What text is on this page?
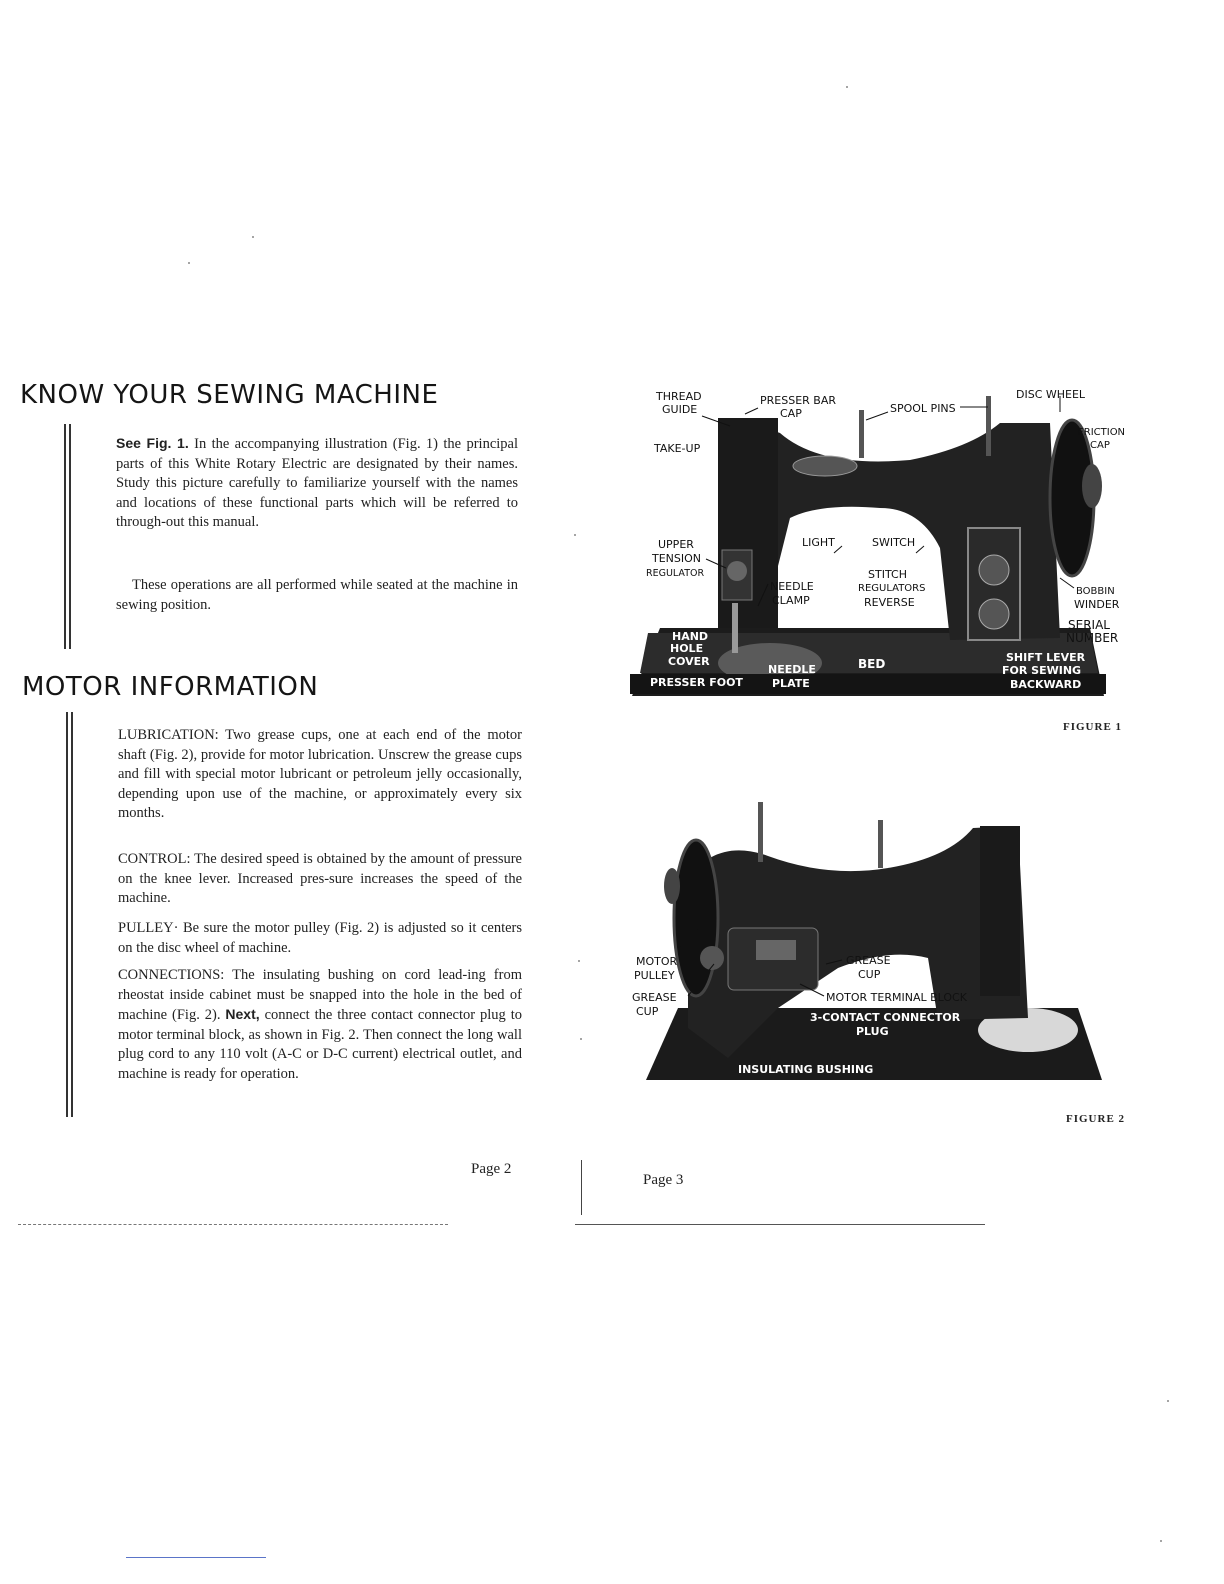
KNOW YOUR SEWING MACHINE
See Fig. 1. In the accompanying illustration (Fig. 1) the principal parts of this White Rotary Electric are designated by their names. Study this picture carefully to familiarize yourself with the names and locations of these functional parts which will be referred to through-out this manual.
These operations are all performed while seated at the machine in sewing position.
MOTOR INFORMATION
LUBRICATION: Two grease cups, one at each end of the motor shaft (Fig. 2), provide for motor lubrication. Unscrew the grease cups and fill with special motor lubricant or petroleum jelly occasionally, depending upon use of the machine, or approximately every six months.
CONTROL: The desired speed is obtained by the amount of pressure on the knee lever. Increased pres-sure increases the speed of the machine.
PULLEY· Be sure the motor pulley (Fig. 2) is adjusted so it centers on the disc wheel of machine.
CONNECTIONS: The insulating bushing on cord lead-ing from rheostat inside cabinet must be snapped into the hole in the bed of machine (Fig. 2). Next, connect the three contact connector plug to motor terminal block, as shown in Fig. 2. Then connect the long wall plug cord to any 110 volt (A-C or D-C current) electrical outlet, and machine is ready for operation.
Page 2
Page 3
THREAD
GUIDE
PRESSER BAR
CAP	SPOOL PINS
DISC WHEEL
FRICTION
CAP
TAKE-UP
UPPER
TENSION
REGULATOR
LIGHT	SWITCH
STITCH
REGULATORS
REVERSE
FORWARD
NEEDLE
CLAMP
BOBBIN
WINDER
SERIAL
NUMBER
HAND
HOLE
COVER
PRESSER FOOT
NEEDLE
PLATE
BED	SHIFT LEVER
FOR SEWING
BACKWARD
FIGURE 1
MOTOR
PULLEY
GREASE
CUP
GREASE
CUP
MOTOR TERMINAL BLOCK
3-CONTACT CONNECTOR
PLUG
INSULATING BUSHING
FIGURE 2
